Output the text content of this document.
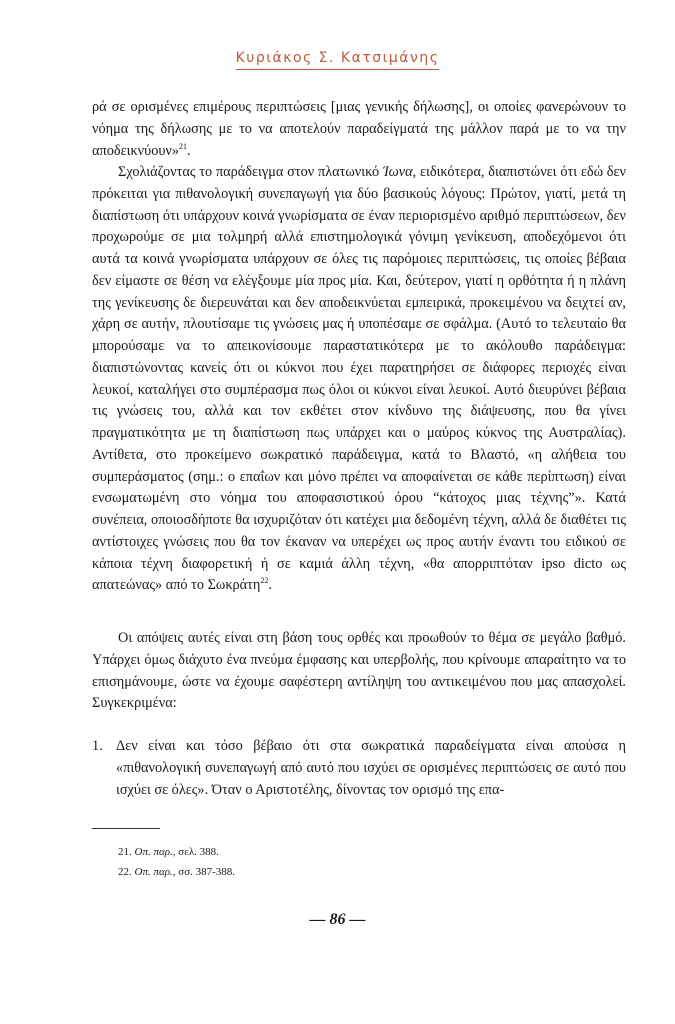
Κυριάκος Σ. Κατσιμάνης

ρά σε ορισμένες επιμέρους περιπτώσεις [μιας γενικής δήλωσης], οι οποίες φανερώνουν το νόημα της δήλωσης με το να αποτελούν παραδείγματά της μάλλον παρά με το να την αποδεικνύουν»$^{21}$.

Σχολιάζοντας το παράδειγμα στον πλατωνικό Ίωνα, ειδικότερα, διαπιστώνει ότι εδώ δεν πρόκειται για πιθανολογική συνεπαγωγή για δύο βασικούς λόγους: Πρώτον, γιατί, μετά τη διαπίστωση ότι υπάρχουν κοινά γνωρίσματα σε έναν περιορισμένο αριθμό περιπτώσεων, δεν προχωρούμε σε μια τολμηρή αλλά επιστημολογικά γόνιμη γενίκευση, αποδεχόμενοι ότι αυτά τα κοινά γνωρίσματα υπάρχουν σε όλες τις παρόμοιες περιπτώσεις, τις οποίες βέβαια δεν είμαστε σε θέση να ελέγξουμε μία προς μία. Και, δεύτερον, γιατί η ορθότητα ή η πλάνη της γενίκευσης δε διερευνάται και δεν αποδεικνύεται εμπειρικά, προκειμένου να δειχτεί αν, χάρη σε αυτήν, πλουτίσαμε τις γνώσεις μας ή υποπέσαμε σε σφάλμα. (Αυτό το τελευταίο θα μπορούσαμε να το απεικονίσουμε παραστατικότερα με το ακόλουθο παράδειγμα: διαπιστώνοντας κανείς ότι οι κύκνοι που έχει παρατηρήσει σε διάφορες περιοχές είναι λευκοί, καταλήγει στο συμπέρασμα πως όλοι οι κύκνοι είναι λευκοί. Αυτό διευρύνει βέβαια τις γνώσεις του, αλλά και τον εκθέτει στον κίνδυνο της διάψευσης, που θα γίνει πραγματικότητα με τη διαπίστωση πως υπάρχει και ο μαύρος κύκνος της Αυστραλίας). Αντίθετα, στο προκείμενο σωκρατικό παράδειγμα, κατά το Βλαστό, «η αλήθεια του συμπεράσματος (σημ.: ο επαΐων και μόνο πρέπει να αποφαίνεται σε κάθε περίπτωση) είναι ενσωματωμένη στο νόημα του αποφασιστικού όρου “κάτοχος μιας τέχνης”». Κατά συνέπεια, οποιοσδήποτε θα ισχυριζόταν ότι κατέχει μια δεδομένη τέχνη, αλλά δε διαθέτει τις αντίστοιχες γνώσεις που θα τον έκαναν να υπερέχει ως προς αυτήν έναντι του ειδικού σε κάποια τέχνη διαφορετική ή σε καμιά άλλη τέχνη, «θα απορριπτόταν ipso dicto ως απατεώνας» από το Σωκράτη$^{22}$.

Οι απόψεις αυτές είναι στη βάση τους ορθές και προωθούν το θέμα σε μεγάλο βαθμό. Υπάρχει όμως διάχυτο ένα πνεύμα έμφασης και υπερβολής, που κρίνουμε απαραίτητο να το επισημάνουμε, ώστε να έχουμε σαφέστερη αντίληψη του αντικειμένου που μας απασχολεί. Συγκεκριμένα:

1. Δεν είναι και τόσο βέβαιο ότι στα σωκρατικά παραδείγματα είναι απούσα η «πιθανολογική συνεπαγωγή από αυτό που ισχύει σε ορισμένες περιπτώσεις σε αυτό που ισχύει σε όλες». Όταν ο Αριστοτέλης, δίνοντας τον ορισμό της επα-
21. Οπ. παρ., σελ. 388.
22. Οπ. παρ., σσ. 387-388.
— 86 —
